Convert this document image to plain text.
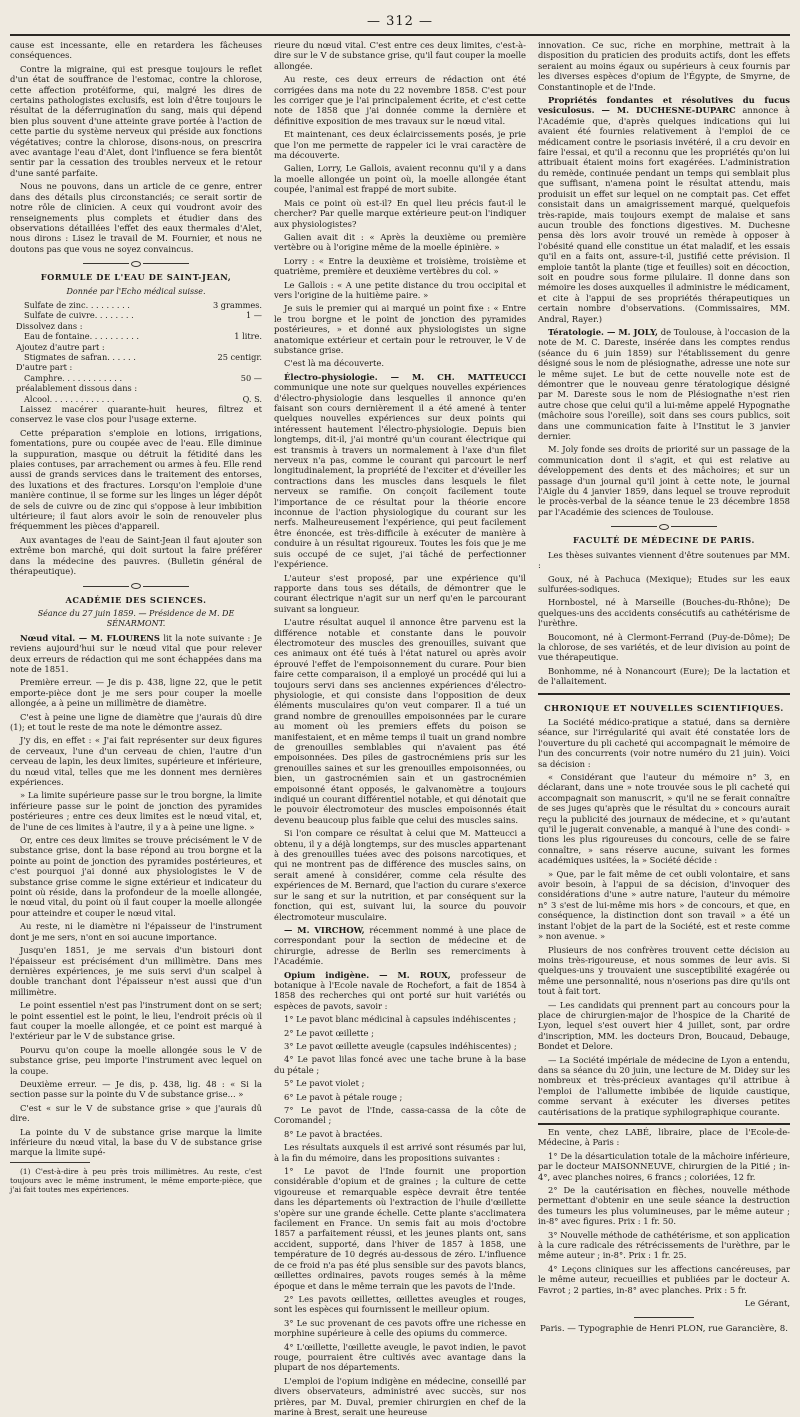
— 312 —

cause est incessante, elle en retardera les fâcheuses conséquences.

Contre la migraine, qui est presque toujours le reflet d'un état de souffrance de l'estomac, contre la chlorose, cette affection protéiforme, qui, malgré les dires de certains pathologistes exclusifs, est loin d'être toujours le résultat de la déferruginatïon du sang, mais qui dépend bien plus souvent d'une atteinte grave portée à l'action de cette partie du système nerveux qui préside aux fonctions végétatives; contre la chlorose, disons-nous, on prescrira avec avantage l'eau d'Alet, dont l'influence se fera bientôt sentir par la cessation des troubles nerveux et le retour d'une santé parfaite.

Nous ne pouvons, dans un article de ce genre, entrer dans des détails plus circonstanciés; ce serait sortir de notre rôle de clinicien. A ceux qui voudront avoir des renseignements plus complets et étudier dans des observations détaillées l'effet des eaux thermales d'Alet, nous dirons : Lisez le travail de M. Fournier, et nous ne doutons pas que vous ne soyez convaincus.

FORMULE DE L'EAU DE SAINT-JEAN,
Donnée par l'Echo médical suisse.
Sulfate de zinc. . . . . . . . .	3 grammes.
Sulfate de cuivre. . . . . . . .	1 —
Dissolvez dans :
Eau de fontaine. . . . . . . . . .	1 litre.
Ajoutez d'autre part :
Stigmates de safran. . . . . .	25 centigr.
D'autre part :
Camphre. . . . . . . . . . . .	50 —
préalablement dissous dans :
Alcool. . . . . . . . . . . . .	Q. S.

Laissez macérer quarante-huit heures, filtrez et conservez le vase clos pour l'usage externe.

Cette préparation s'emploie en lotions, irrigations, fomentations, pure ou coupée avec de l'eau. Elle diminue la suppuration, masque ou détruit la fétidité dans les plaies contuses, par arrachement ou armes à feu. Elle rend aussi de grands services dans le traitement des entorses, des luxations et des fractures. Lorsqu'on l'emploie d'une manière continue, il se forme sur les linges un léger dépôt de sels de cuivre ou de zinc qui s'oppose à leur imbibition ultérieure; il faut alors avoir le soin de renouveler plus fréquemment les pièces d'appareil.

Aux avantages de l'eau de Saint-Jean il faut ajouter son extrême bon marché, qui doit surtout la faire préférer dans la médecine des pauvres. (Bulletin général de thérapeutique).

ACADÉMIE DES SCIENCES.
Séance du 27 juin 1859. — Présidence de M. DE SÉNARMONT.

Nœud vital. — M. FLOURENS lit la note suivante : Je reviens aujourd'hui sur le nœud vital que pour relever deux erreurs de rédaction qui me sont échappées dans ma note de 1851.

Première erreur. — Je dis p. 438, ligne 22, que le petit emporte-pièce dont je me sers pour couper la moelle allongée, a à peine un millimètre de diamètre.

C'est à peine une ligne de diamètre que j'aurais dû dire (1); et tout le reste de ma note le démontre assez.

J'y dis, en effet : « J'ai fait représenter sur deux figures de cerveaux, l'une d'un cerveau de chien, l'autre d'un cerveau de lapin, les deux limites, supérieure et inférieure, du nœud vital, telles que me les donnent mes dernières expériences.

» La limite supérieure passe sur le trou borgne, la limite inférieure passe sur le point de jonction des pyramides postérieures ; entre ces deux limites est le nœud vital, et, de l'une de ces limites à l'autre, il y a à peine une ligne. »

Or, entre ces deux limites se trouve précisément le V de substance grise, dont la base répond au trou borgne et la pointe au point de jonction des pyramides postérieures, et c'est pourquoi j'ai donné aux physiologistes le V de substance grise comme le signe extérieur et indicateur du point où réside, dans la profondeur de la moelle allongée, le nœud vital, du point où il faut couper la moelle allongée pour atteindre et couper le nœud vital.

Au reste, ni le diamètre ni l'épaisseur de l'instrument dont je me sers, n'ont en soi aucune importance.

Jusqu'en 1851, je me servais d'un bistouri dont l'épaisseur est précisément d'un millimètre. Dans mes dernières expériences, je me suis servi d'un scalpel à double tranchant dont l'épaisseur n'est aussi que d'un millimètre.

Le point essentiel n'est pas l'instrument dont on se sert; le point essentiel est le point, le lieu, l'endroit précis où il faut couper la moelle allongée, et ce point est marqué à l'extérieur par le V de substance grise.

Pourvu qu'on coupe la moelle allongée sous le V de substance grise, peu importe l'instrument avec lequel on la coupe.

Deuxième erreur. — Je dis, p. 438, lig. 48 : « Si la section passe sur la pointe du V de substance grise... »

C'est « sur le V de substance grise » que j'aurais dû dire.

La pointe du V de substance grise marque la limite inférieure du nœud vital, la base du V de substance grise marque la limite supé-

(1) C'est-à-dire à peu près trois millimètres. Au reste, c'est toujours avec le même instrument, le même emporte-pièce, que j'ai fait toutes mes expériences.

rieure du nœud vital. C'est entre ces deux limites, c'est-à-dire sur le V de substance grise, qu'il faut couper la moelle allongée.

Au reste, ces deux erreurs de rédaction ont été corrigées dans ma note du 22 novembre 1858. C'est pour les corriger que je l'ai principalement écrite, et c'est cette note de 1858 que j'ai donnée comme la dernière et définitive exposition de mes travaux sur le nœud vital.

Et maintenant, ces deux éclaircissements posés, je prie que l'on me permette de rappeler ici le vrai caractère de ma découverte.

Galien, Lorry, Le Gallois, avaient reconnu qu'il y a dans la moelle allongée un point où, la moelle allongée étant coupée, l'animal est frappé de mort subite.

Mais ce point où est-il? En quel lieu précis faut-il le chercher? Par quelle marque extérieure peut-on l'indiquer aux physiologistes?

Galien avait dit : « Après la deuxième ou première vertèbre ou à l'origine même de la moelle épinière. »

Lorry : « Entre la deuxième et troisième, troisième et quatrième, première et deuxième vertèbres du col. »

Le Gallois : « A une petite distance du trou occipital et vers l'origine de la huitième paire. »

Je suis le premier qui ai marqué un point fixe : « Entre le trou borgne et le point de jonction des pyramides postérieures, » et donné aux physiologistes un signe anatomique extérieur et certain pour le retrouver, le V de substance grise.

C'est là ma découverte.

Électro-physiologie. — M. CH. MATTEUCCI communique une note sur quelques nouvelles expériences d'électro-physiologie dans lesquelles il annonce qu'en faisant son cours dernièrement il a été amené à tenter quelques nouvelles expériences sur deux points qui intéressent hautement l'électro-physiologie. Depuis bien longtemps, dit-il, j'ai montré qu'un courant électrique qui est transmis à travers un normalement à l'axe d'un filet nerveux n'a pas, comme le courant qui parcourt le nerf longitudinalement, la propriété de l'exciter et d'éveiller les contractions dans les muscles dans lesquels le filet nerveux se ramifie. On conçoit facilement toute l'importance de ce résultat pour la théorie encore inconnue de l'action physiologique du courant sur les nerfs. Malheureusement l'expérience, qui peut facilement être énoncée, est très-difficile à exécuter de manière à conduire à un résultat rigoureux. Toutes les fois que je me suis occupé de ce sujet, j'ai tâché de perfectionner l'expérience.

L'auteur s'est proposé, par une expérience qu'il rapporte dans tous ses détails, de démontrer que le courant électrique n'agit sur un nerf qu'en le parcourant suivant sa longueur.

L'autre résultat auquel il annonce être parvenu est la différence notable et constante dans le pouvoir électromoteur des muscles des grenouilles, suivant que ces animaux ont été tués à l'état naturel ou après avoir éprouvé l'effet de l'empoisonnement du curare. Pour bien faire cette comparaison, il a employé un procédé qui lui a toujours servi dans ses anciennes expériences d'électro-physiologie, et qui consiste dans l'opposition de deux éléments musculaires qu'on veut comparer. Il a tué un grand nombre de grenouilles empoisonnées par le curare au moment où les premiers effets du poison se manifestaient, et en même temps il tuait un grand nombre de grenouilles semblables qui n'avaient pas été empoisonnées. Des piles de gastrocnémiens pris sur les grenouilles saines et sur les grenouilles empoisonnées, ou bien, un gastrocnémien sain et un gastrocnémien empoisonné étant opposés, le galvanomètre a toujours indiqué un courant différentiel notable, et qui dénotait que le pouvoir électromoteur des muscles empoisonnés était devenu beaucoup plus faible que celui des muscles sains.

Si l'on compare ce résultat à celui que M. Matteucci a obtenu, il y a déjà longtemps, sur des muscles appartenant à des grenouilles tuées avec des poisons narcotiques, et qui ne montrent pas de différence des muscles sains, on serait amené à considérer, comme cela résulte des expériences de M. Bernard, que l'action du curare s'exerce sur le sang et sur la nutrition, et par conséquent sur la fonction, qui est, suivant lui, la source du pouvoir électromoteur musculaire.

— M. VIRCHOW, récemment nommé à une place de correspondant pour la section de médecine et de chirurgie, adresse de Berlin ses remerciments à l'Académie.

Opium indigène. — M. ROUX, professeur de botanique à l'Ecole navale de Rochefort, a fait de 1854 à 1858 des recherches qui ont porté sur huit variétés ou espèces de pavots, savoir :

1° Le pavot blanc médicinal à capsules indéhiscentes ;

2° Le pavot œillette ;

3° Le pavot œillette aveugle (capsules indéhiscentes) ;

4° Le pavot lilas foncé avec une tache brune à la base du pétale ;

5° Le pavot violet ;

6° Le pavot à pétale rouge ;

7° Le pavot de l'Inde, cassa-cassa de la côte de Coromandel ;

8° Le pavot à bractées.

Les résultats auxquels il est arrivé sont résumés par lui, à la fin du mémoire, dans les propositions suivantes :

1° Le pavot de l'Inde fournit une proportion considérable d'opium et de graines ; la culture de cette vigoureuse et remarquable espèce devrait être tentée dans les départements où l'extraction de l'huile d'œillette s'opère sur une grande échelle. Cette plante s'acclimatera facilement en France. Un semis fait au mois d'octobre 1857 a parfaitement réussi, et les jeunes plants ont, sans accident, supporté, dans l'hiver de 1857 à 1858, une température de 10 degrés au-dessous de zéro. L'influence de ce froid n'a pas été plus sensible sur des pavots blancs, œillettes ordinaires, pavots rouges semés à la même époque et dans le même terrain que les pavots de l'Inde.

2° Les pavots œillettes, œillettes aveugles et rouges, sont les espèces qui fournissent le meilleur opium.

3° Le suc provenant de ces pavots offre une richesse en morphine supérieure à celle des opiums du commerce.

4° L'œillette, l'œillette aveugle, le pavot indien, le pavot rouge, pourraient être cultivés avec avantage dans la plupart de nos départements.

L'emploi de l'opium indigène en médecine, conseillé par divers observateurs, administré avec succès, sur nos prières, par M. Duval, premier chirurgien en chef de la marine à Brest, serait une heureuse

innovation. Ce suc, riche en morphine, mettrait à la disposition du praticien des produits actifs, dont les effets seraient au moins égaux ou supérieurs à ceux fournis par les diverses espèces d'opium de l'Égypte, de Smyrne, de Constantinople et de l'Inde.

Propriétés fondantes et résolutives du fucus vesiculosus. — M. DUCHESNE-DUPARC annonce à l'Académie que, d'après quelques indications qui lui avaient été fournies relativement à l'emploi de ce médicament contre le psoriasis invétéré, il a cru devoir en faire l'essai, et qu'il a reconnu que les propriétés qu'on lui attribuait étaient moins fort exagérées. L'administration du remède, continuée pendant un temps qui semblait plus que suffisant, n'amena point le résultat attendu, mais produisit un effet sur lequel on ne comptait pas. Cet effet consistait dans un amaigrissement marqué, quelquefois très-rapide, mais toujours exempt de malaise et sans aucun trouble des fonctions digestives. M. Duchesne pensa dès lors avoir trouvé un remède à opposer à l'obésité quand elle constitue un état maladif, et les essais qu'il en a faits ont, assure-t-il, justifié cette prévision. Il emploie tantôt la plante (tige et feuilles) soit en décoction, soit en poudre sous forme pilulaire. Il donne dans son mémoire les doses auxquelles il administre le médicament, et cite à l'appui de ses propriétés thérapeutiques un certain nombre d'observations. (Commissaires, MM. Andral, Rayer.)

Tératologie. — M. JOLY, de Toulouse, à l'occasion de la note de M. C. Dareste, insérée dans les comptes rendus (séance du 6 juin 1859) sur l'établissement du genre désigné sous le nom de plésiognathe, adresse une note sur le même sujet. Le but de cette nouvelle note est de démontrer que le nouveau genre tératologique désigné par M. Dareste sous le nom de Plésiognathe n'est rien autre chose que celui qu'il a lui-même appelé Hypognathe (mâchoire sous l'oreille), soit dans ses cours publics, soit dans une communication faite à l'Institut le 3 janvier dernier.

M. Joly fonde ses droits de priorité sur un passage de la communication dont il s'agit, et qui est relative au développement des dents et des mâchoires; et sur un passage d'un journal qu'il joint à cette note, le journal l'Aigle du 4 janvier 1859, dans lequel se trouve reproduit le procès-verbal de la séance tenue le 23 décembre 1858 par l'Académie des sciences de Toulouse.

FACULTÉ DE MÉDECINE DE PARIS.

Les thèses suivantes viennent d'être soutenues par MM. :

Goux, né à Pachuca (Mexique); Etudes sur les eaux sulfurées-sodiques.

Hornbostel, né à Marseille (Bouches-du-Rhône); De quelques-uns des accidents consécutifs au cathétérisme de l'urèthre.

Boucomont, né à Clermont-Ferrand (Puy-de-Dôme); De la chlorose, de ses variétés, et de leur division au point de vue thérapeutique.

Bonhomme, né à Nonancourt (Eure); De la lactation et de l'allaitement.

CHRONIQUE ET NOUVELLES SCIENTIFIQUES.

La Société médico-pratique a statué, dans sa dernière séance, sur l'irrégularité qui avait été constatée lors de l'ouverture du pli cacheté qui accompagnait le mémoire de l'un des concurrents (voir notre numéro du 21 juin). Voici sa décision :

« Considérant que l'auteur du mémoire n° 3, en déclarant, dans une » note trouvée sous le pli cacheté qui accompagnait son manuscrit, » qu'il ne se ferait connaître de ses juges qu'après que le résultat du » concours aurait reçu la publicité des journaux de médecine, et » qu'autant qu'il le jugerait convenable, a manqué à l'une des condi- » tions les plus rigoureuses du concours, celle de se faire connaître, » sans réserve aucune, suivant les formes académiques usitées, la » Société décide :

» Que, par le fait même de cet oubli volontaire, et sans avoir besoin, à l'appui de sa décision, d'invoquer des considérations d'une » autre nature, l'auteur du mémoire n° 3 s'est de lui-même mis hors » de concours, et que, en conséquence, la distinction dont son travail » a été un instant l'objet de la part de la Société, est et reste comme » non avenue. »

Plusieurs de nos confrères trouvent cette décision au moins très-rigoureuse, et nous sommes de leur avis. Si quelques-uns y trouvaient une susceptibilité exagérée ou même une personnalité, nous n'oserions pas dire qu'ils ont tout à fait tort.

— Les candidats qui prennent part au concours pour la place de chirurgien-major de l'hospice de la Charité de Lyon, lequel s'est ouvert hier 4 juillet, sont, par ordre d'inscription, MM. les docteurs Dron, Boucaud, Debauge, Bondet et Delore.

— La Société impériale de médecine de Lyon a entendu, dans sa séance du 20 juin, une lecture de M. Didey sur les nombreux et très-précieux avantages qu'il attribue à l'emploi de l'allumette imbibée de liquide caustique, comme servant à exécuter les diverses petites cautérisations de la pratique syphilographique courante.

En vente, chez LABÉ, libraire, place de l'Ecole-de-Médecine, à Paris :

1° De la désarticulation totale de la mâchoire inférieure, par le docteur MAISONNEUVE, chirurgien de la Pitié ; in-4°, avec planches noires, 6 francs ; coloriées, 12 fr.

2° De la cautérisation en flèches, nouvelle méthode permettant d'obtenir en une seule séance la destruction des tumeurs les plus volumineuses, par le même auteur ; in-8° avec figures. Prix : 1 fr. 50.

3° Nouvelle méthode de cathétérisme, et son application à la cure radicale des rétrécissements de l'urèthre, par le même auteur ; in-8°. Prix : 1 fr. 25.

4° Leçons cliniques sur les affections cancéreuses, par le même auteur, recueillies et publiées par le docteur A. Favrot ; 2 parties, in-8° avec planches. Prix : 5 fr.

Le Gérant,

Paris. — Typographie de Henri PLON, rue Garancière, 8.
